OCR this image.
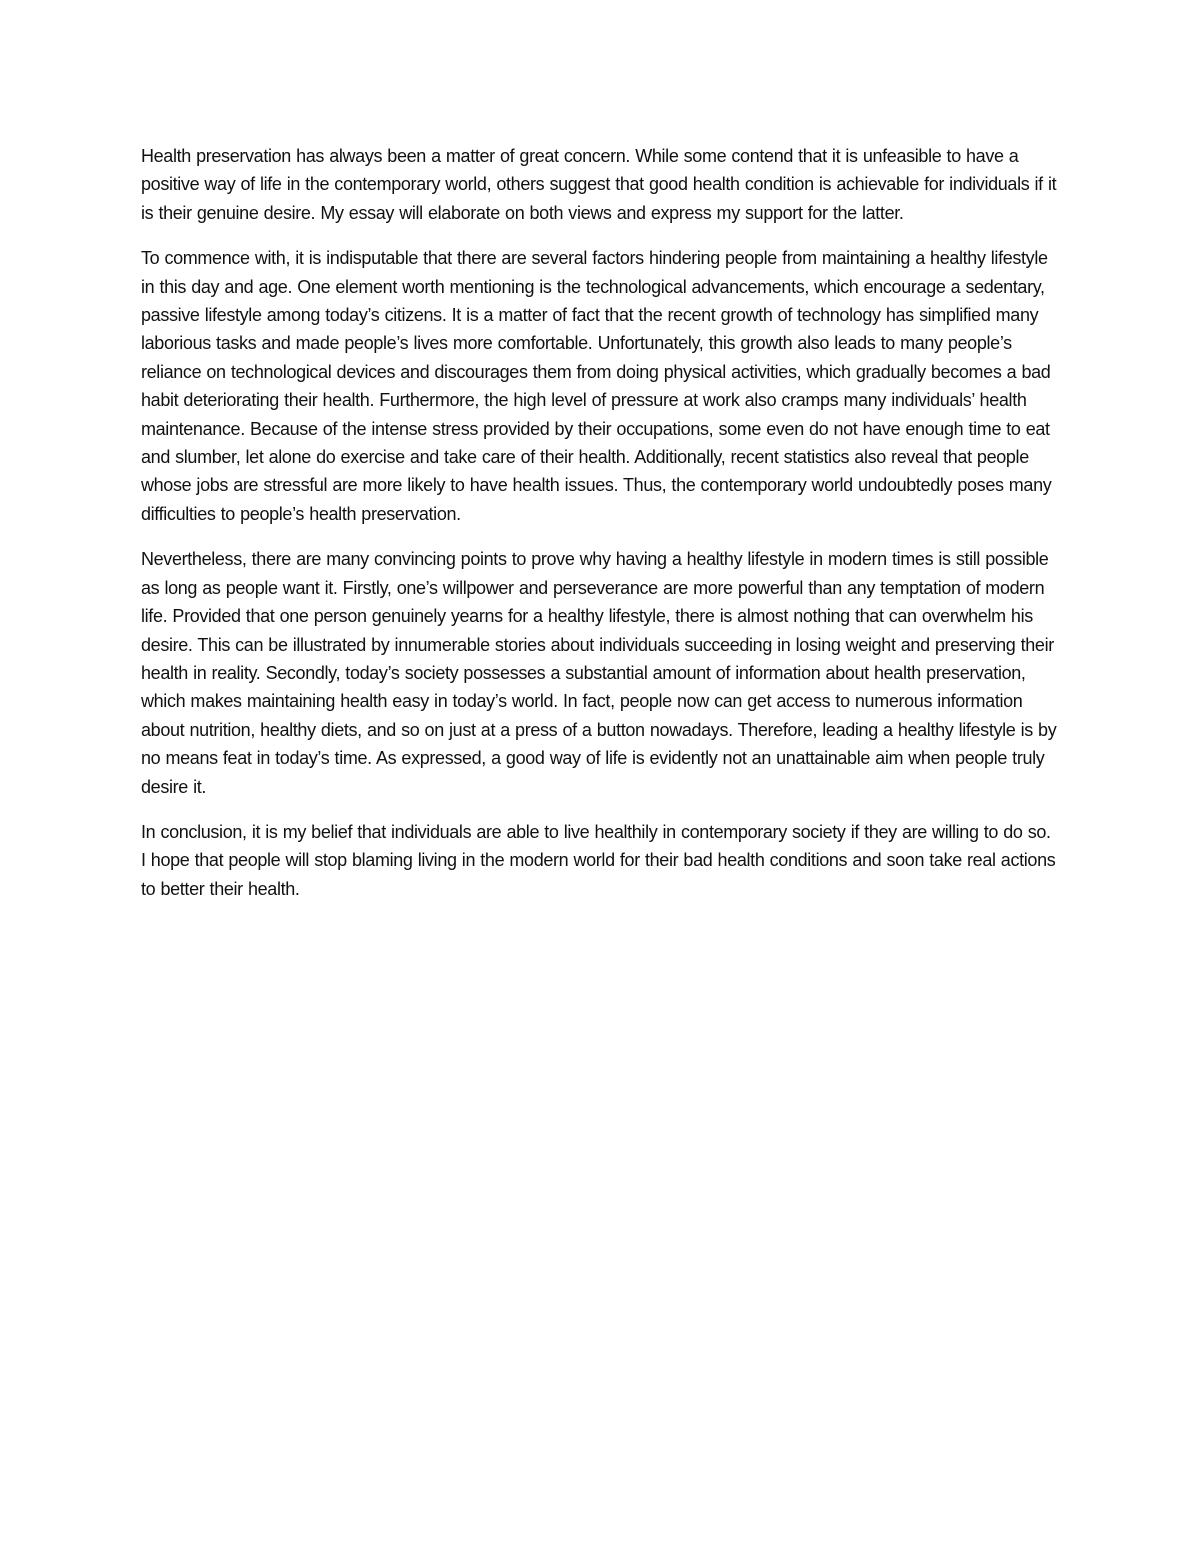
Health preservation has always been a matter of great concern. While some contend that it is unfeasible to have a positive way of life in the contemporary world, others suggest that good health condition is achievable for individuals if it is their genuine desire. My essay will elaborate on both views and express my support for the latter.

To commence with, it is indisputable that there are several factors hindering people from maintaining a healthy lifestyle in this day and age. One element worth mentioning is the technological advancements, which encourage a sedentary, passive lifestyle among today’s citizens. It is a matter of fact that the recent growth of technology has simplified many laborious tasks and made people’s lives more comfortable. Unfortunately, this growth also leads to many people’s reliance on technological devices and discourages them from doing physical activities, which gradually becomes a bad habit deteriorating their health. Furthermore, the high level of pressure at work also cramps many individuals’ health maintenance. Because of the intense stress provided by their occupations, some even do not have enough time to eat and slumber, let alone do exercise and take care of their health. Additionally, recent statistics also reveal that people whose jobs are stressful are more likely to have health issues. Thus, the contemporary world undoubtedly poses many difficulties to people’s health preservation.

Nevertheless, there are many convincing points to prove why having a healthy lifestyle in modern times is still possible as long as people want it. Firstly, one’s willpower and perseverance are more powerful than any temptation of modern life. Provided that one person genuinely yearns for a healthy lifestyle, there is almost nothing that can overwhelm his desire. This can be illustrated by innumerable stories about individuals succeeding in losing weight and preserving their health in reality. Secondly, today’s society possesses a substantial amount of information about health preservation, which makes maintaining health easy in today’s world. In fact, people now can get access to numerous information about nutrition, healthy diets, and so on just at a press of a button nowadays. Therefore, leading a healthy lifestyle is by no means feat in today’s time. As expressed, a good way of life is evidently not an unattainable aim when people truly desire it.

In conclusion, it is my belief that individuals are able to live healthily in contemporary society if they are willing to do so. I hope that people will stop blaming living in the modern world for their bad health conditions and soon take real actions to better their health.
